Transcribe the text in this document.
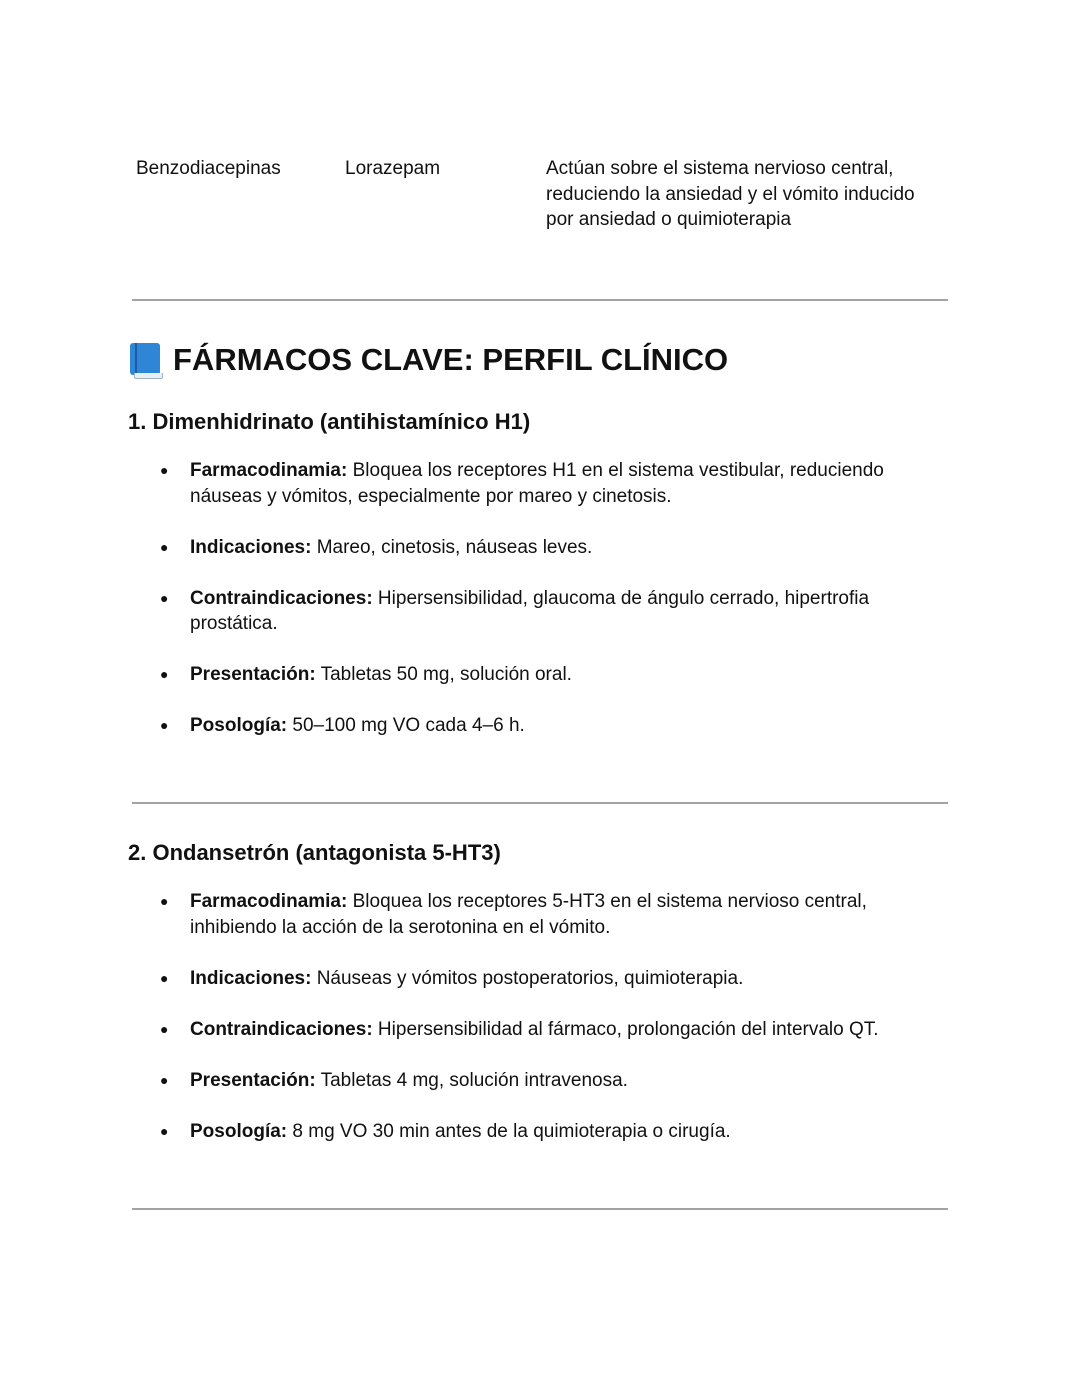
Benzodiacepinas	Lorazepam	Actúan sobre el sistema nervioso central, reduciendo la ansiedad y el vómito inducido por ansiedad o quimioterapia
FÁRMACOS CLAVE: PERFIL CLÍNICO
1. Dimenhidrinato (antihistamínico H1)
● Farmacodinamia: Bloquea los receptores H1 en el sistema vestibular, reduciendo náuseas y vómitos, especialmente por mareo y cinetosis.
● Indicaciones: Mareo, cinetosis, náuseas leves.
● Contraindicaciones: Hipersensibilidad, glaucoma de ángulo cerrado, hipertrofia prostática.
● Presentación: Tabletas 50 mg, solución oral.
● Posología: 50–100 mg VO cada 4–6 h.
2. Ondansetrón (antagonista 5-HT3)
● Farmacodinamia: Bloquea los receptores 5-HT3 en el sistema nervioso central, inhibiendo la acción de la serotonina en el vómito.
● Indicaciones: Náuseas y vómitos postoperatorios, quimioterapia.
● Contraindicaciones: Hipersensibilidad al fármaco, prolongación del intervalo QT.
● Presentación: Tabletas 4 mg, solución intravenosa.
● Posología: 8 mg VO 30 min antes de la quimioterapia o cirugía.
